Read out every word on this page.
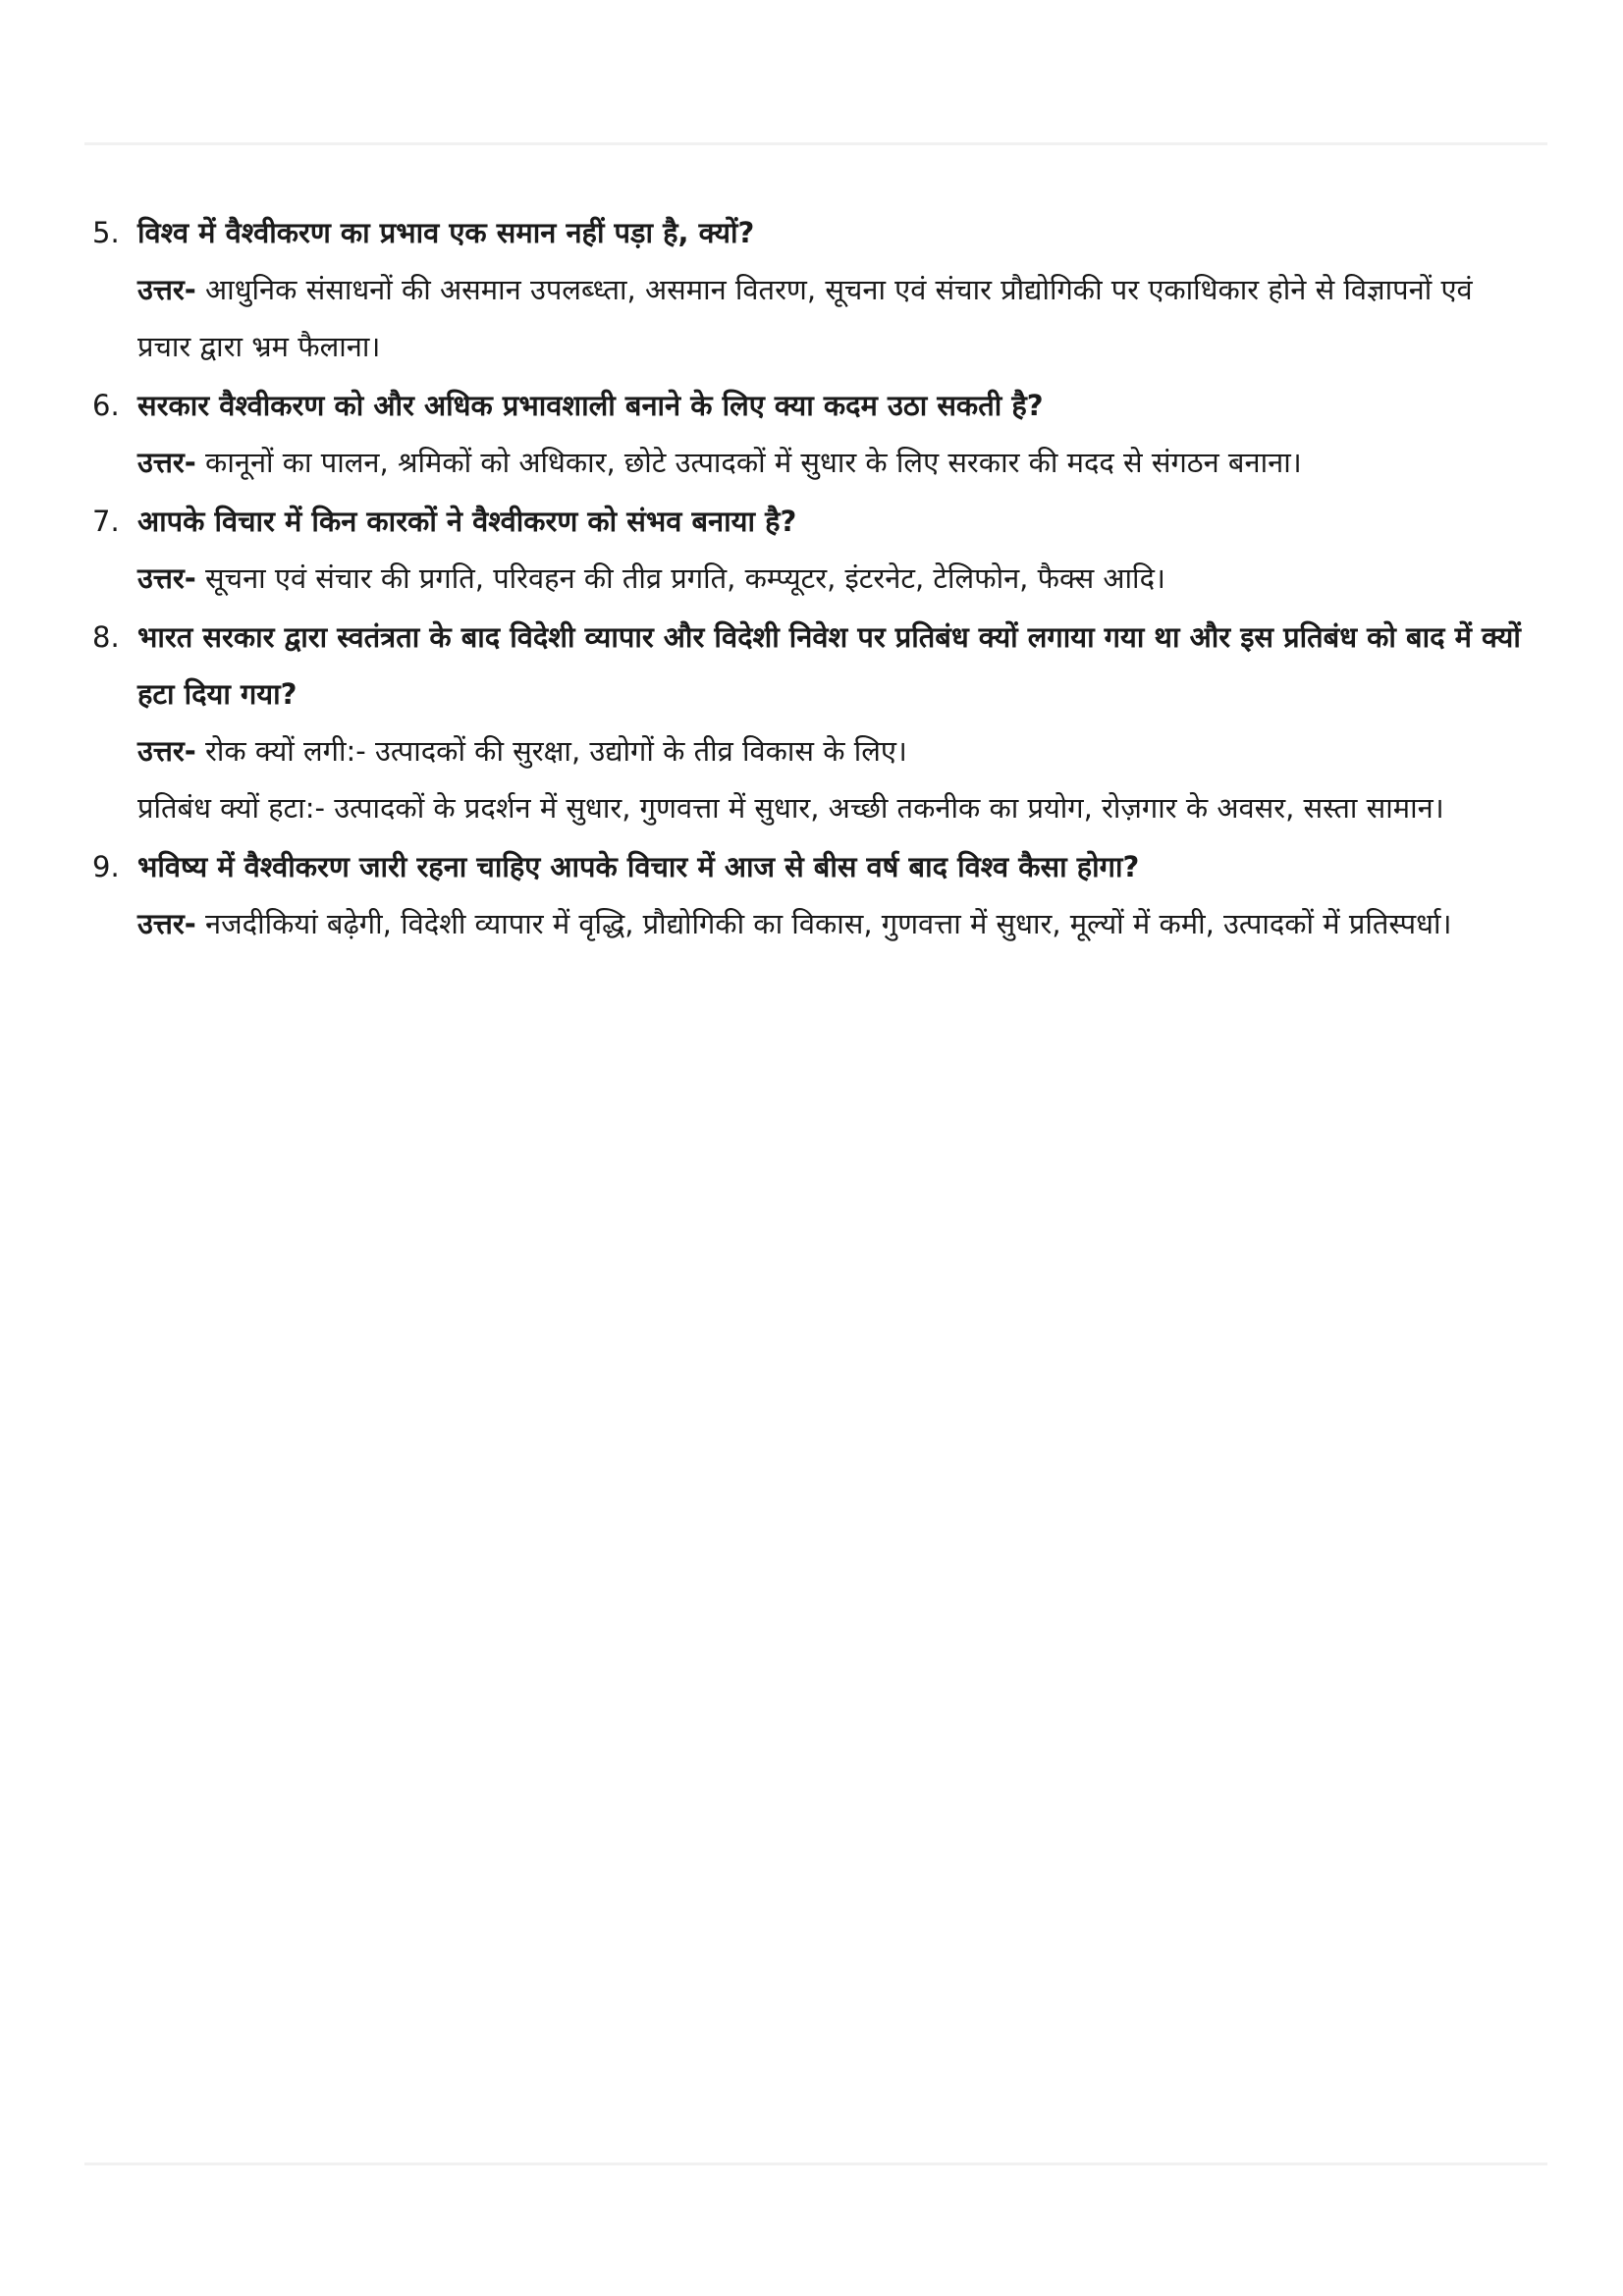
5. विश्व में वैश्वीकरण का प्रभाव एक समान नहीं पड़ा है, क्यों?
उत्तर- आधुनिक संसाधनों की असमान उपलब्ध्ता, असमान वितरण, सूचना एवं संचार प्रौद्योगिकी पर एकाधिकार होने से विज्ञापनों एवं प्रचार द्वारा भ्रम फैलाना।
6. सरकार वैश्वीकरण को और अधिक प्रभावशाली बनाने के लिए क्या कदम उठा सकती है?
उत्तर- कानूनों का पालन, श्रमिकों को अधिकार, छोटे उत्पादकों में सुधार के लिए सरकार की मदद से संगठन बनाना।
7. आपके विचार में किन कारकों ने वैश्वीकरण को संभव बनाया है?
उत्तर- सूचना एवं संचार की प्रगति, परिवहन की तीव्र प्रगति, कम्प्यूटर, इंटरनेट, टेलिफोन, फैक्स आदि।
8. भारत सरकार द्वारा स्वतंत्रता के बाद विदेशी व्यापार और विदेशी निवेश पर प्रतिबंध क्यों लगाया गया था और इस प्रतिबंध को बाद में क्यों हटा दिया गया?
उत्तर- रोक क्यों लगी:- उत्पादकों की सुरक्षा, उद्योगों के तीव्र विकास के लिए।
प्रतिबंध क्यों हटा:- उत्पादकों के प्रदर्शन में सुधार, गुणवत्ता में सुधार, अच्छी तकनीक का प्रयोग, रोज़गार के अवसर, सस्ता सामान।
9. भविष्य में वैश्वीकरण जारी रहना चाहिए आपके विचार में आज से बीस वर्ष बाद विश्व कैसा होगा?
उत्तर- नजदीकियां बढ़ेगी, विदेशी व्यापार में वृद्धि, प्रौद्योगिकी का विकास, गुणवत्ता में सुधार, मूल्यों में कमी, उत्पादकों में प्रतिस्पर्धा।
